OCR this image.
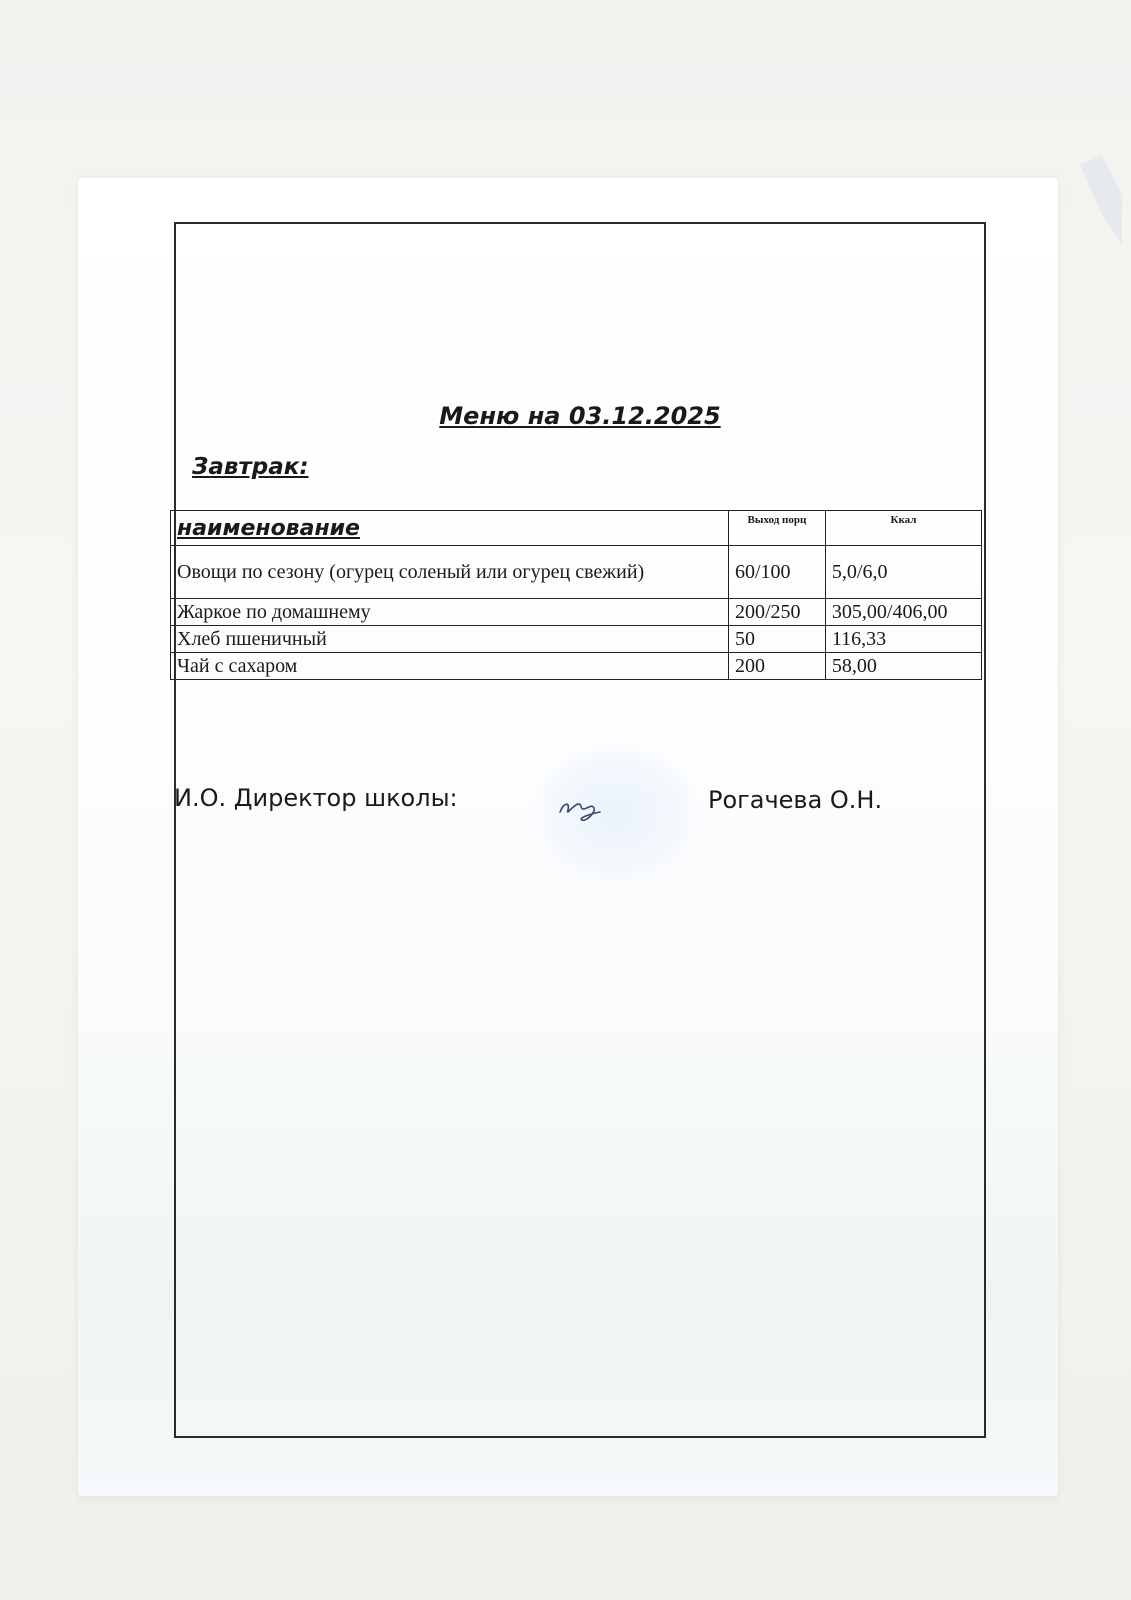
Меню на 03.12.2025
Завтрак:
наименование	Выход порц	Ккал
Овощи по сезону (огурец соленый или огурец свежий)	60/100	5,0/6,0
Жаркое по домашнему	200/250	305,00/406,00
Хлеб пшеничный	50	116,33
Чай с сахаром	200	58,00
И.О. Директор школы:	Рогачева О.Н.
